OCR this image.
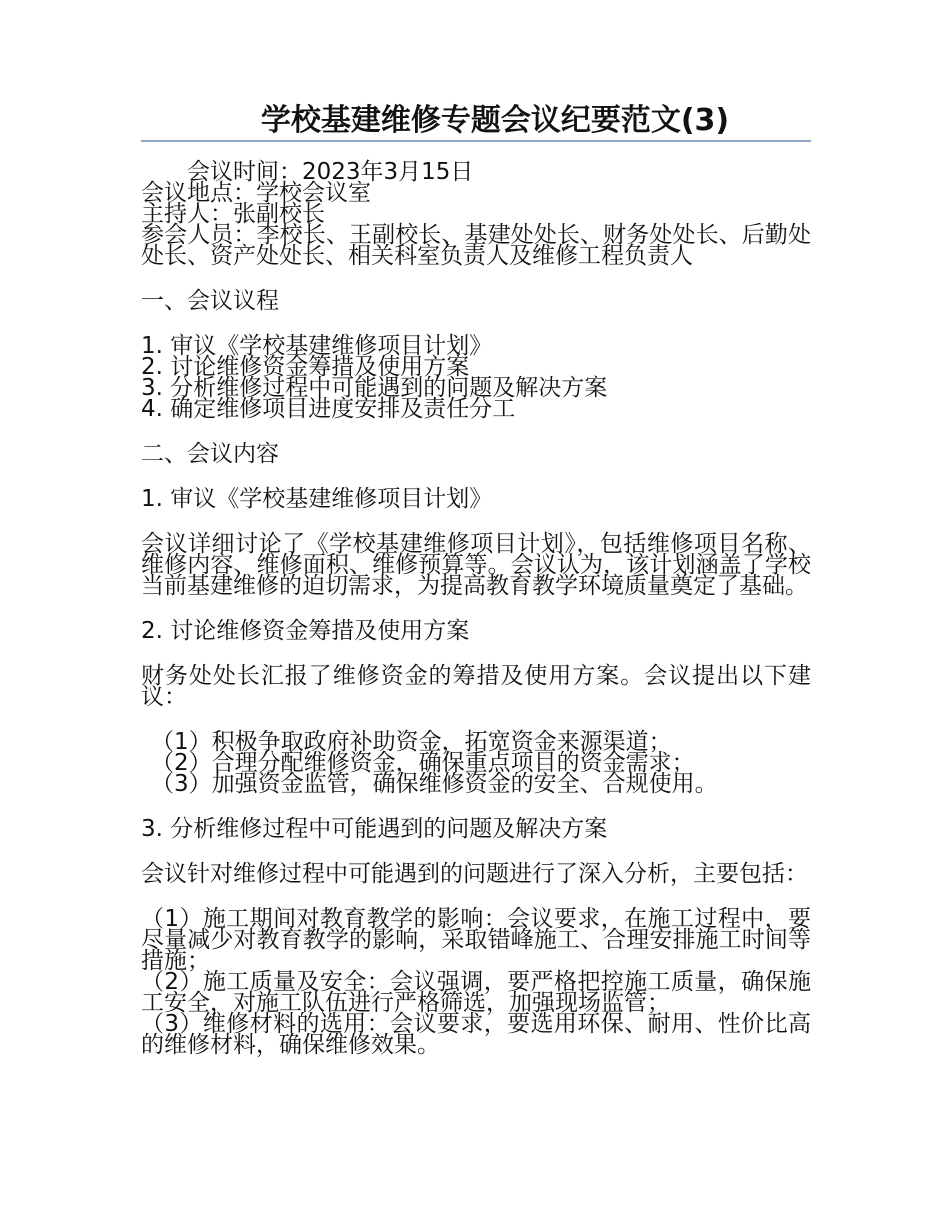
学校基建维修专题会议纪要范文(3)

会议时间：2023年3月15日

会议地点：学校会议室

主持人：张副校长

参会人员：李校长、王副校长、基建处处长、财务处处长、后勤处处长、资产处处长、相关科室负责人及维修工程负责人

一、会议议程

1. 审议《学校基建维修项目计划》

2. 讨论维修资金筹措及使用方案

3. 分析维修过程中可能遇到的问题及解决方案

4. 确定维修项目进度安排及责任分工

二、会议内容

1. 审议《学校基建维修项目计划》

会议详细讨论了《学校基建维修项目计划》，包括维修项目名称、维修内容、维修面积、维修预算等。会议认为，该计划涵盖了学校当前基建维修的迫切需求，为提高教育教学环境质量奠定了基础。

2. 讨论维修资金筹措及使用方案

财务处处长汇报了维修资金的筹措及使用方案。会议提出以下建议：

（1）积极争取政府补助资金，拓宽资金来源渠道；

（2）合理分配维修资金，确保重点项目的资金需求；

（3）加强资金监管，确保维修资金的安全、合规使用。

3. 分析维修过程中可能遇到的问题及解决方案

会议针对维修过程中可能遇到的问题进行了深入分析，主要包括：

（1）施工期间对教育教学的影响：会议要求，在施工过程中，要尽量减少对教育教学的影响，采取错峰施工、合理安排施工时间等措施；

（2）施工质量及安全：会议强调，要严格把控施工质量，确保施工安全，对施工队伍进行严格筛选，加强现场监管；

（3）维修材料的选用：会议要求，要选用环保、耐用、性价比高的维修材料，确保维修效果。
